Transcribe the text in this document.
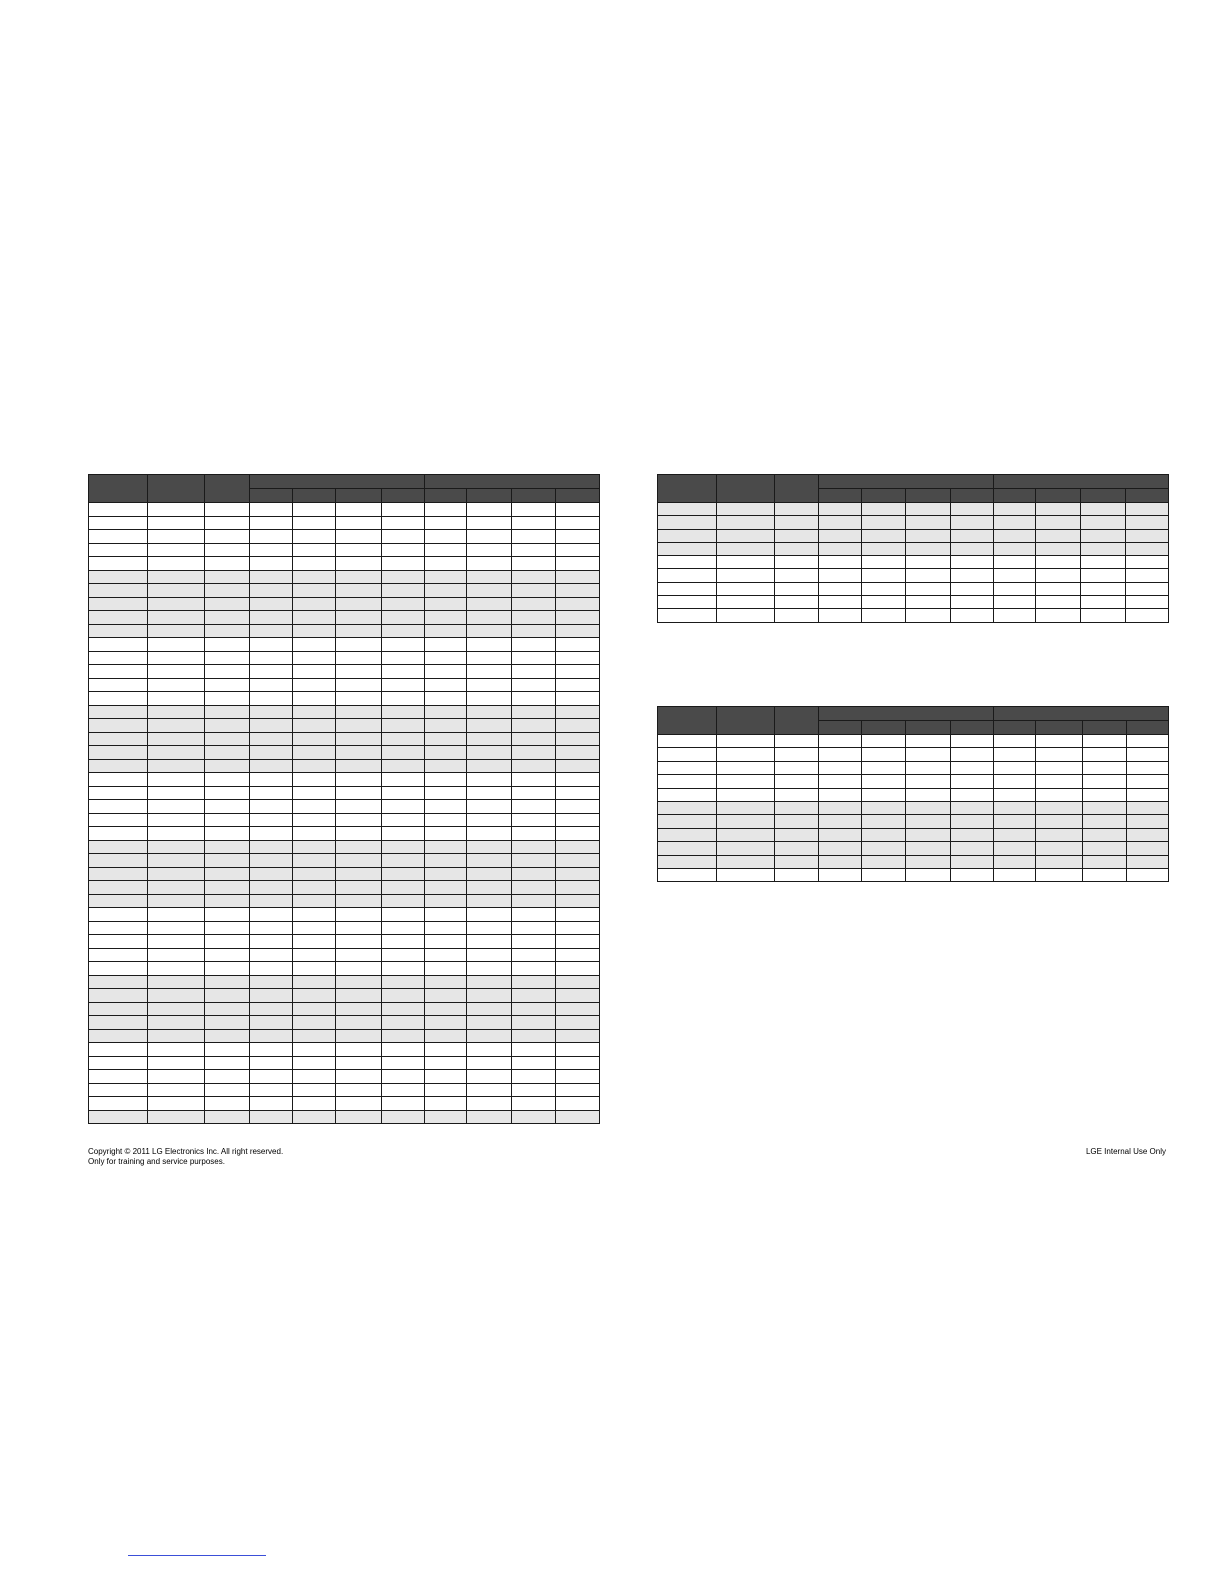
Copyright © 2011 LG Electronics Inc. All right reserved.
Only for training and service purposes.
LGE Internal Use Only
